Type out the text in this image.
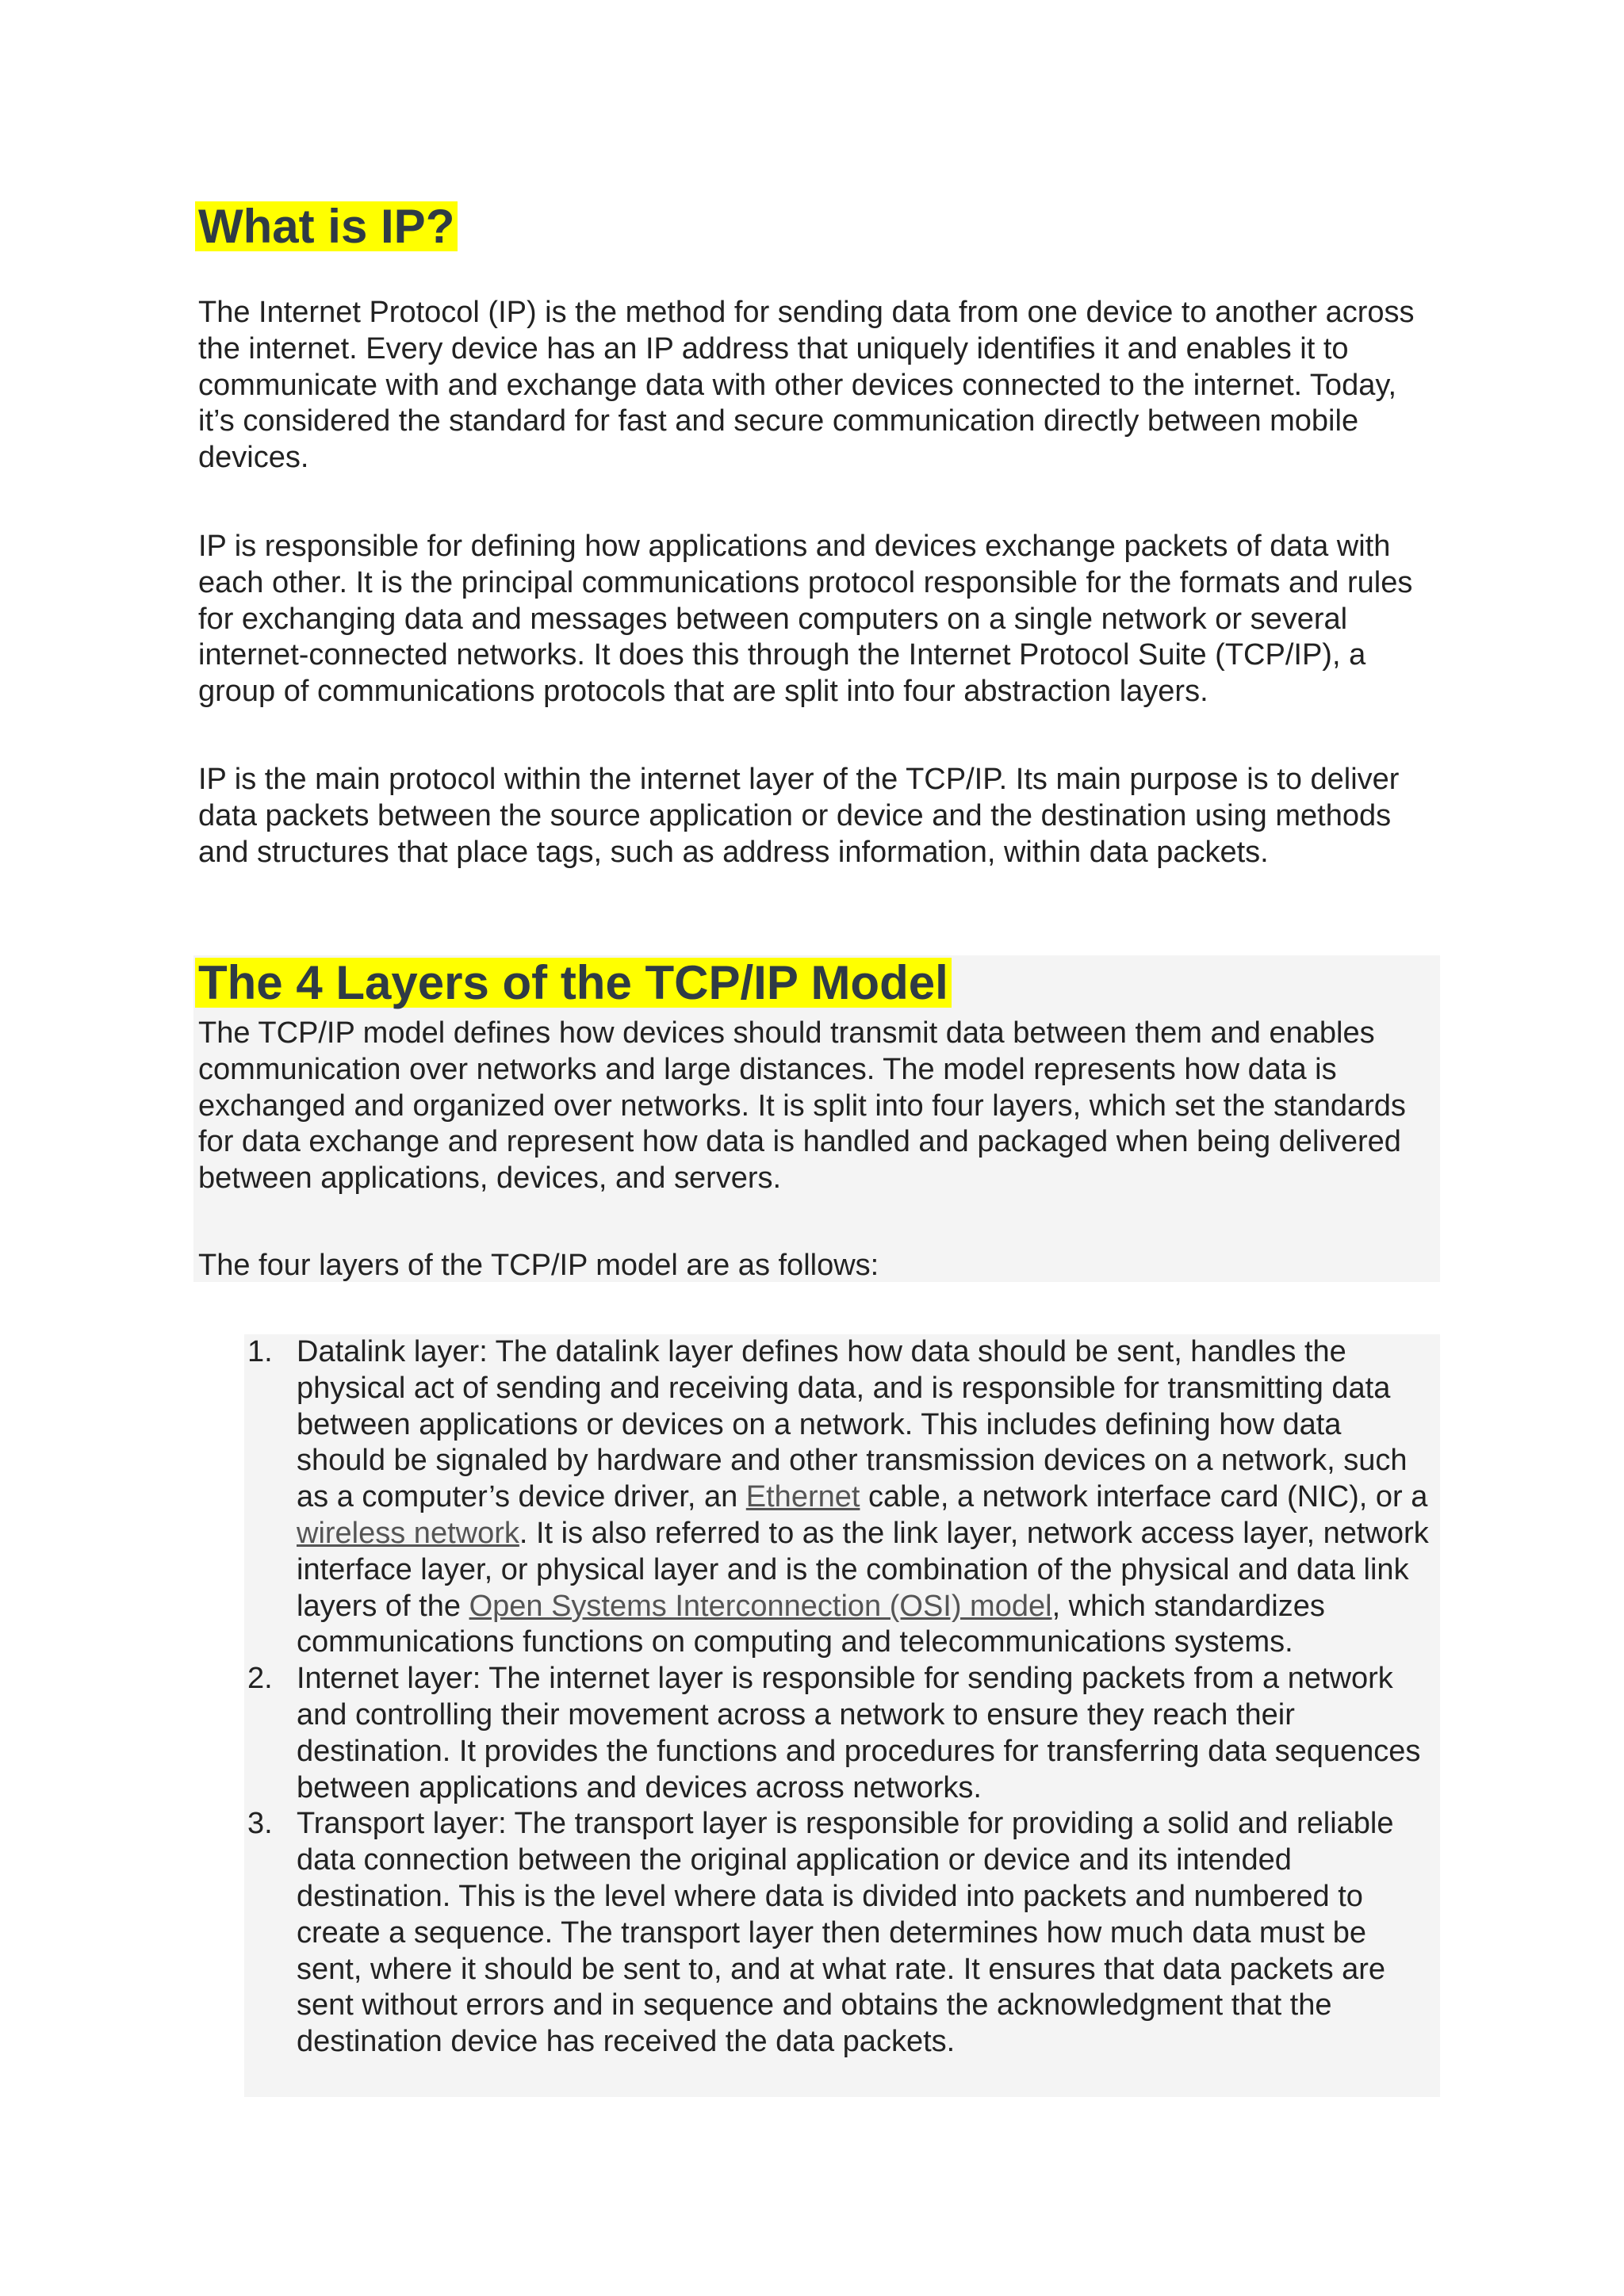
What is IP?

The Internet Protocol (IP) is the method for sending data from one device to another across the internet. Every device has an IP address that uniquely identifies it and enables it to communicate with and exchange data with other devices connected to the internet. Today, it’s considered the standard for fast and secure communication directly between mobile devices.

IP is responsible for defining how applications and devices exchange packets of data with each other. It is the principal communications protocol responsible for the formats and rules for exchanging data and messages between computers on a single network or several internet-connected networks. It does this through the Internet Protocol Suite (TCP/IP), a group of communications protocols that are split into four abstraction layers.

IP is the main protocol within the internet layer of the TCP/IP. Its main purpose is to deliver data packets between the source application or device and the destination using methods and structures that place tags, such as address information, within data packets.

The 4 Layers of the TCP/IP Model

The TCP/IP model defines how devices should transmit data between them and enables communication over networks and large distances. The model represents how data is exchanged and organized over networks. It is split into four layers, which set the standards for data exchange and represent how data is handled and packaged when being delivered between applications, devices, and servers.

The four layers of the TCP/IP model are as follows:

1. Datalink layer: The datalink layer defines how data should be sent, handles the physical act of sending and receiving data, and is responsible for transmitting data between applications or devices on a network. This includes defining how data should be signaled by hardware and other transmission devices on a network, such as a computer’s device driver, an Ethernet cable, a network interface card (NIC), or a wireless network. It is also referred to as the link layer, network access layer, network interface layer, or physical layer and is the combination of the physical and data link layers of the Open Systems Interconnection (OSI) model, which standardizes communications functions on computing and telecommunications systems.
2. Internet layer: The internet layer is responsible for sending packets from a network and controlling their movement across a network to ensure they reach their destination. It provides the functions and procedures for transferring data sequences between applications and devices across networks.
3. Transport layer: The transport layer is responsible for providing a solid and reliable data connection between the original application or device and its intended destination. This is the level where data is divided into packets and numbered to create a sequence. The transport layer then determines how much data must be sent, where it should be sent to, and at what rate. It ensures that data packets are sent without errors and in sequence and obtains the acknowledgment that the destination device has received the data packets.
